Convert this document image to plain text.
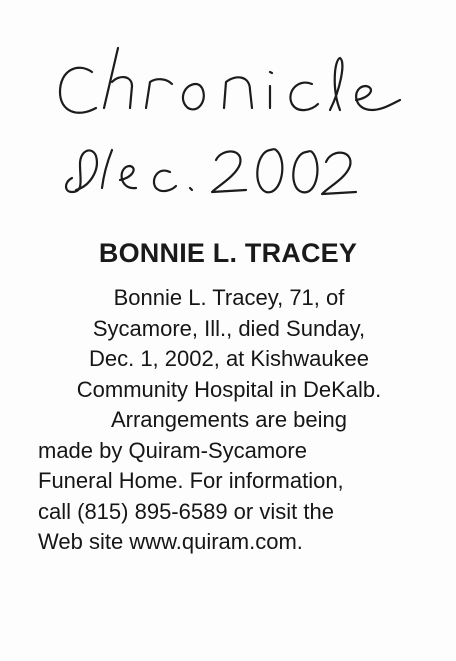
BONNIE L. TRACEY
Bonnie L. Tracey, 71, of
Sycamore, Ill., died Sunday,
Dec. 1, 2002, at Kishwaukee
Community Hospital in DeKalb.
Arrangements are being
made by Quiram-Sycamore
Funeral Home. For information,
call (815) 895-6589 or visit the
Web site www.quiram.com.
